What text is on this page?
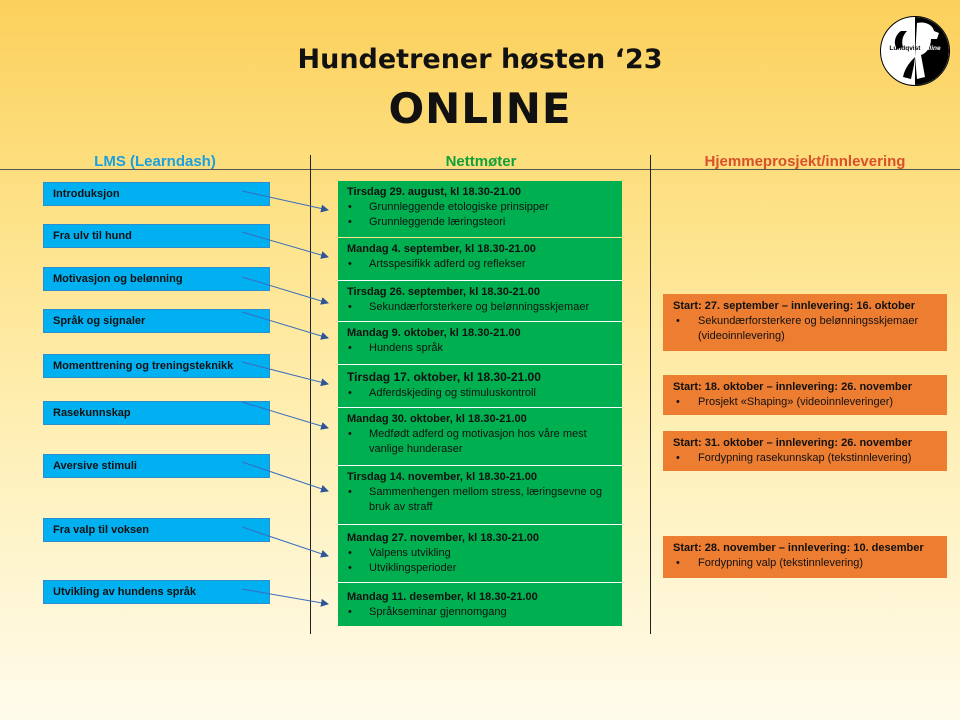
Hundetrener høsten ‘23
ONLINE
LundqvistOnline
LMS (Learndash)	Nettmøter	Hjemmeprosjekt/innlevering
Introduksjon
Fra ulv til hund
Motivasjon og belønning
Språk og signaler
Momenttrening og treningsteknikk
Rasekunnskap
Aversive stimuli
Fra valp til voksen
Utvikling av hundens språk
Tirsdag 29. august, kl 18.30-21.00
• Grunnleggende etologiske prinsipper
• Grunnleggende læringsteori
Mandag 4. september, kl 18.30-21.00
• Artsspesifikk adferd og reflekser
Tirsdag 26. september, kl 18.30-21.00
• Sekundærforsterkere og belønningsskjemaer
Mandag 9. oktober, kl 18.30-21.00
• Hundens språk
Tirsdag 17. oktober, kl 18.30-21.00
• Adferdskjeding og stimuluskontroll
Mandag 30. oktober, kl 18.30-21.00
• Medfødt adferd og motivasjon hos våre mest vanlige hunderaser
Tirsdag 14. november, kl 18.30-21.00
• Sammenhengen mellom stress, læringsevne og bruk av straff
Mandag 27. november, kl 18.30-21.00
• Valpens utvikling
• Utviklingsperioder
Mandag 11. desember, kl 18.30-21.00
• Språkseminar gjennomgang
Start: 27. september – innlevering: 16. oktober
• Sekundærforsterkere og belønningsskjemaer (videoinnlevering)
Start: 18. oktober – innlevering: 26. november
• Prosjekt «Shaping» (videoinnleveringer)
Start: 31. oktober – innlevering: 26. november
• Fordypning rasekunnskap (tekstinnlevering)
Start: 28. november – innlevering: 10. desember
• Fordypning valp (tekstinnlevering)
